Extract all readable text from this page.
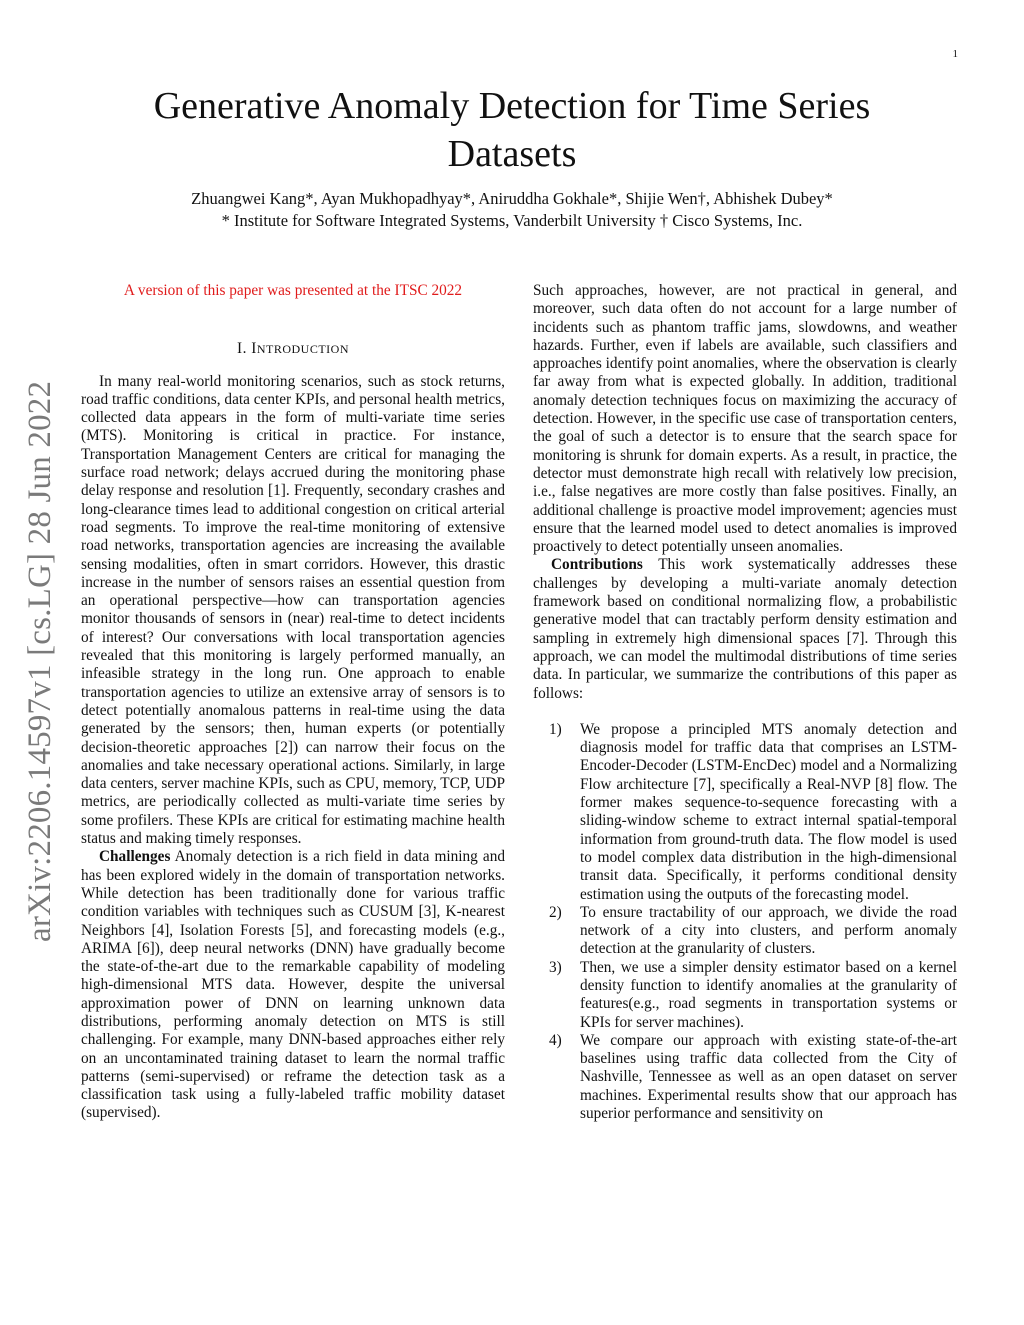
1
arXiv:2206.14597v1 [cs.LG] 28 Jun 2022
Generative Anomaly Detection for Time Series Datasets
Zhuangwei Kang*, Ayan Mukhopadhyay*, Aniruddha Gokhale*, Shijie Wen†, Abhishek Dubey*
* Institute for Software Integrated Systems, Vanderbilt University † Cisco Systems, Inc.

A version of this paper was presented at the ITSC 2022

I. INTRODUCTION

In many real-world monitoring scenarios, such as stock returns, road traffic conditions, data center KPIs, and personal health metrics, collected data appears in the form of multi-variate time series (MTS). Monitoring is critical in practice. For instance, Transportation Management Centers are critical for managing the surface road network; delays accrued during the monitoring phase delay response and resolution [1]. Frequently, secondary crashes and long-clearance times lead to additional congestion on critical arterial road segments. To improve the real-time monitoring of extensive road networks, transportation agencies are increasing the available sensing modalities, often in smart corridors. However, this drastic increase in the number of sensors raises an essential question from an operational perspective—how can transportation agencies monitor thousands of sensors in (near) real-time to detect incidents of interest? Our conversations with local transportation agencies revealed that this monitoring is largely performed manually, an infeasible strategy in the long run. One approach to enable transportation agencies to utilize an extensive array of sensors is to detect potentially anomalous patterns in real-time using the data generated by the sensors; then, human experts (or potentially decision-theoretic approaches [2]) can narrow their focus on the anomalies and take necessary operational actions. Similarly, in large data centers, server machine KPIs, such as CPU, memory, TCP, UDP metrics, are periodically collected as multi-variate time series by some profilers. These KPIs are critical for estimating machine health status and making timely responses.

Challenges Anomaly detection is a rich field in data mining and has been explored widely in the domain of transportation networks. While detection has been traditionally done for various traffic condition variables with techniques such as CUSUM [3], K-nearest Neighbors [4], Isolation Forests [5], and forecasting models (e.g., ARIMA [6]), deep neural networks (DNN) have gradually become the state-of-the-art due to the remarkable capability of modeling high-dimensional MTS data. However, despite the universal approximation power of DNN on learning unknown data distributions, performing anomaly detection on MTS is still challenging. For example, many DNN-based approaches either rely on an uncontaminated training dataset to learn the normal traffic patterns (semi-supervised) or reframe the detection task as a classification task using a fully-labeled traffic mobility dataset (supervised).

Such approaches, however, are not practical in general, and moreover, such data often do not account for a large number of incidents such as phantom traffic jams, slowdowns, and weather hazards. Further, even if labels are available, such classifiers and approaches identify point anomalies, where the observation is clearly far away from what is expected globally. In addition, traditional anomaly detection techniques focus on maximizing the accuracy of detection. However, in the specific use case of transportation centers, the goal of such a detector is to ensure that the search space for monitoring is shrunk for domain experts. As a result, in practice, the detector must demonstrate high recall with relatively low precision, i.e., false negatives are more costly than false positives. Finally, an additional challenge is proactive model improvement; agencies must ensure that the learned model used to detect anomalies is improved proactively to detect potentially unseen anomalies.

Contributions This work systematically addresses these challenges by developing a multi-variate anomaly detection framework based on conditional normalizing flow, a probabilistic generative model that can tractably perform density estimation and sampling in extremely high dimensional spaces [7]. Through this approach, we can model the multimodal distributions of time series data. In particular, we summarize the contributions of this paper as follows:

1)	We propose a principled MTS anomaly detection and diagnosis model for traffic data that comprises an LSTM-Encoder-Decoder (LSTM-EncDec) model and a Normalizing Flow architecture [7], specifically a Real-NVP [8] flow. The former makes sequence-to-sequence forecasting with a sliding-window scheme to extract internal spatial-temporal information from ground-truth data. The flow model is used to model complex data distribution in the high-dimensional transit data. Specifically, it performs conditional density estimation using the outputs of the forecasting model.
2)	To ensure tractability of our approach, we divide the road network of a city into clusters, and perform anomaly detection at the granularity of clusters.
3)	Then, we use a simpler density estimator based on a kernel density function to identify anomalies at the granularity of features(e.g., road segments in transportation systems or KPIs for server machines).
4)	We compare our approach with existing state-of-the-art baselines using traffic data collected from the City of Nashville, Tennessee as well as an open dataset on server machines. Experimental results show that our approach has superior performance and sensitivity on
